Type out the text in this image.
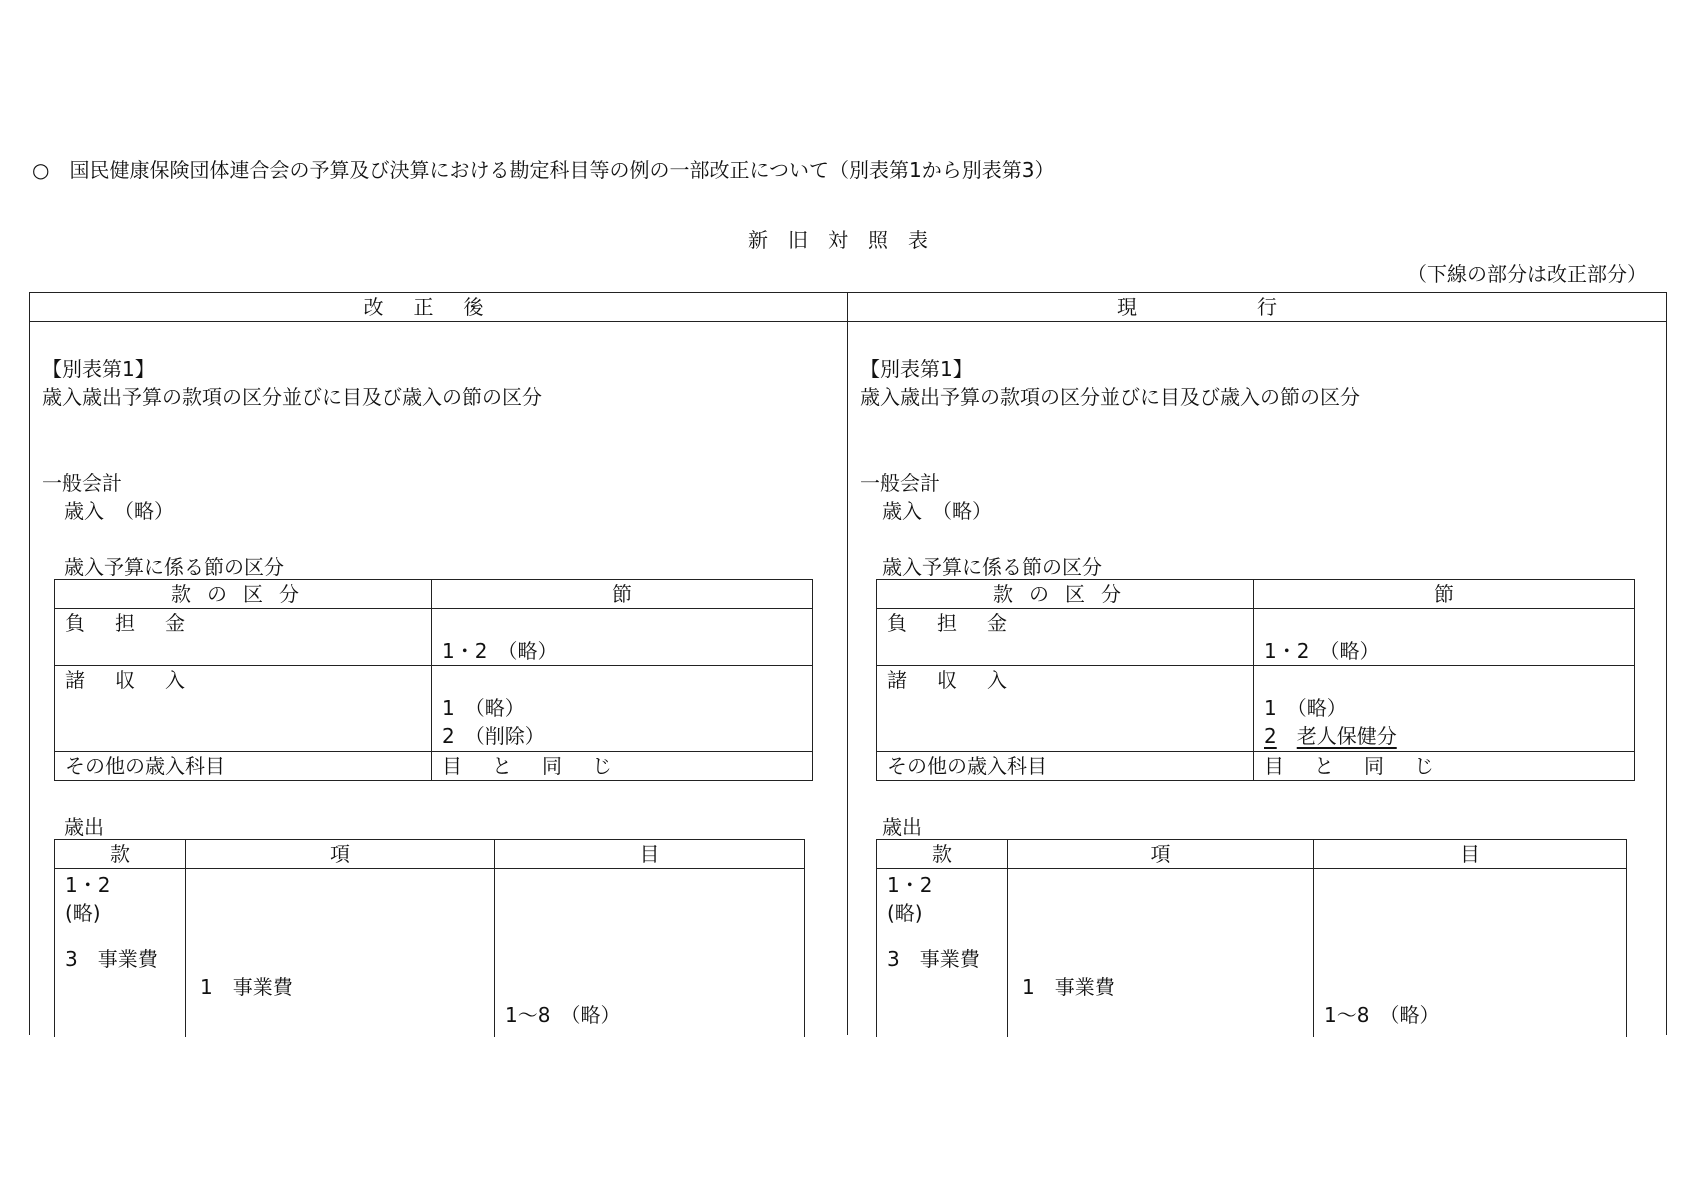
○　国民健康保険団体連合会の予算及び決算における勘定科目等の例の一部改正について（別表第1から別表第3）
新旧対照表
（下線の部分は改正部分）
改正後
【別表第1】
歳入歳出予算の款項の区分並びに目及び歳入の節の区分
一般会計
歳入　（略）
歳入予算に係る節の区分
款の区分	節

負担金	1・2　（略）

諸収入	1　（略）
2　（削除）

その他の歳入科目	目と同じ
歳出
款	項	目

1・2
(略)
3　事業費	1　事業費	1～8　（略）
現行
【別表第1】
歳入歳出予算の款項の区分並びに目及び歳入の節の区分
一般会計
歳入　（略）
歳入予算に係る節の区分
款の区分	節

負担金	1・2　（略）

諸収入	1　（略）
2　 老人保健分

その他の歳入科目	目と同じ
歳出
款	項	目

1・2
(略)
3　事業費	1　事業費	1～8　（略）
